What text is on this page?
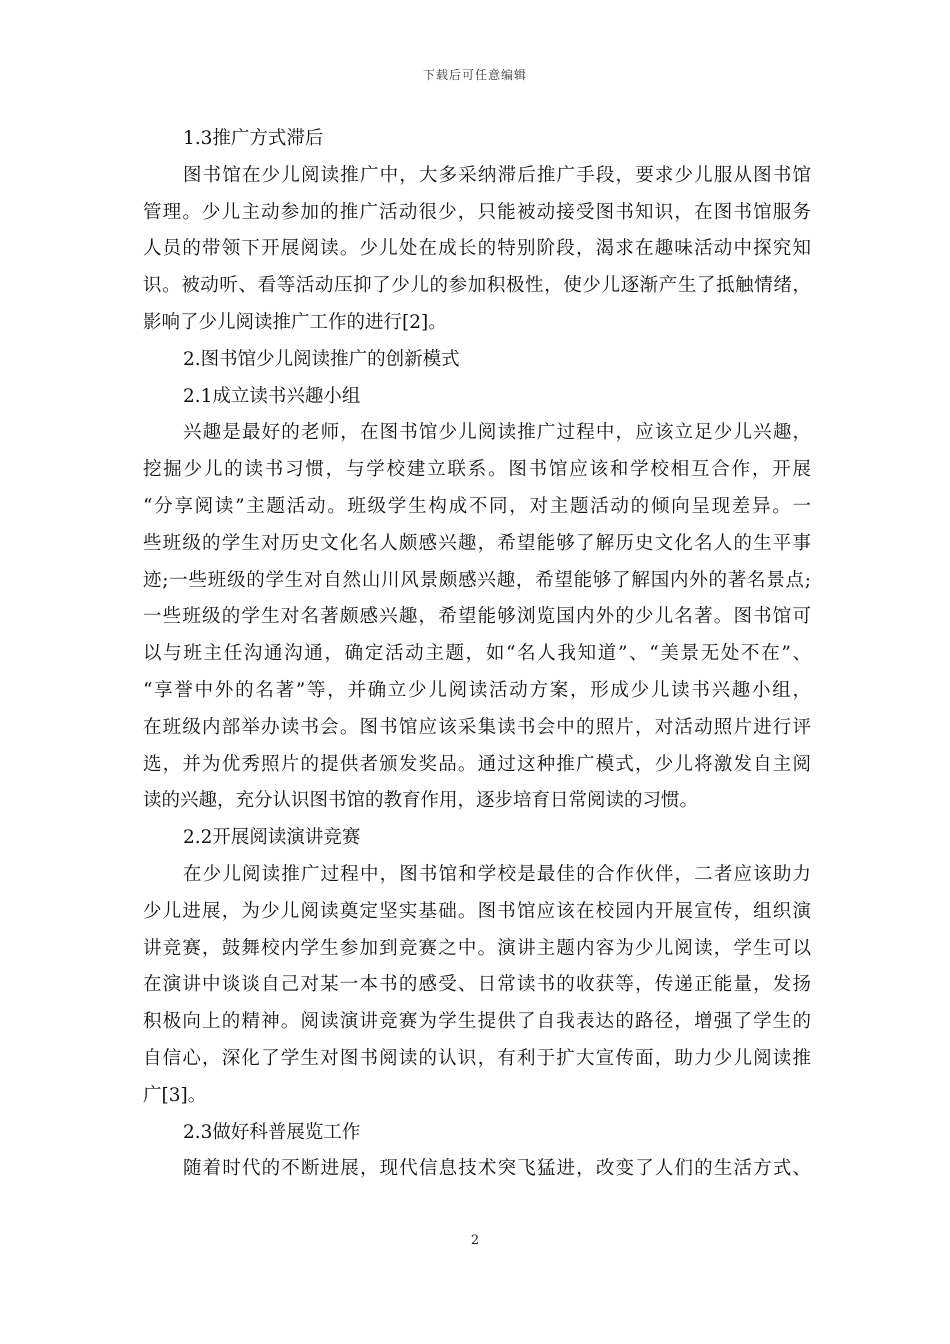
下载后可任意编辑
1.3推广方式滞后
图书馆在少儿阅读推广中，大多采纳滞后推广手段，要求少儿服从图书馆
管理。少儿主动参加的推广活动很少，只能被动接受图书知识，在图书馆服务
人员的带领下开展阅读。少儿处在成长的特别阶段，渴求在趣味活动中探究知
识。被动听、看等活动压抑了少儿的参加积极性，使少儿逐渐产生了抵触情绪，
影响了少儿阅读推广工作的进行[2]。
2.图书馆少儿阅读推广的创新模式
2.1成立读书兴趣小组
兴趣是最好的老师，在图书馆少儿阅读推广过程中，应该立足少儿兴趣，
挖掘少儿的读书习惯，与学校建立联系。图书馆应该和学校相互合作，开展
“分享阅读”主题活动。班级学生构成不同，对主题活动的倾向呈现差异。一
些班级的学生对历史文化名人颇感兴趣，希望能够了解历史文化名人的生平事
迹;一些班级的学生对自然山川风景颇感兴趣，希望能够了解国内外的著名景点;
一些班级的学生对名著颇感兴趣，希望能够浏览国内外的少儿名著。图书馆可
以与班主任沟通沟通，确定活动主题，如“名人我知道”、“美景无处不在”、
“享誉中外的名著”等，并确立少儿阅读活动方案，形成少儿读书兴趣小组，
在班级内部举办读书会。图书馆应该采集读书会中的照片，对活动照片进行评
选，并为优秀照片的提供者颁发奖品。通过这种推广模式，少儿将激发自主阅
读的兴趣，充分认识图书馆的教育作用，逐步培育日常阅读的习惯。
2.2开展阅读演讲竞赛
在少儿阅读推广过程中，图书馆和学校是最佳的合作伙伴，二者应该助力
少儿进展，为少儿阅读奠定坚实基础。图书馆应该在校园内开展宣传，组织演
讲竞赛，鼓舞校内学生参加到竞赛之中。演讲主题内容为少儿阅读，学生可以
在演讲中谈谈自己对某一本书的感受、日常读书的收获等，传递正能量，发扬
积极向上的精神。阅读演讲竞赛为学生提供了自我表达的路径，增强了学生的
自信心，深化了学生对图书阅读的认识，有利于扩大宣传面，助力少儿阅读推
广[3]。
2.3做好科普展览工作
随着时代的不断进展，现代信息技术突飞猛进，改变了人们的生活方式、
2
